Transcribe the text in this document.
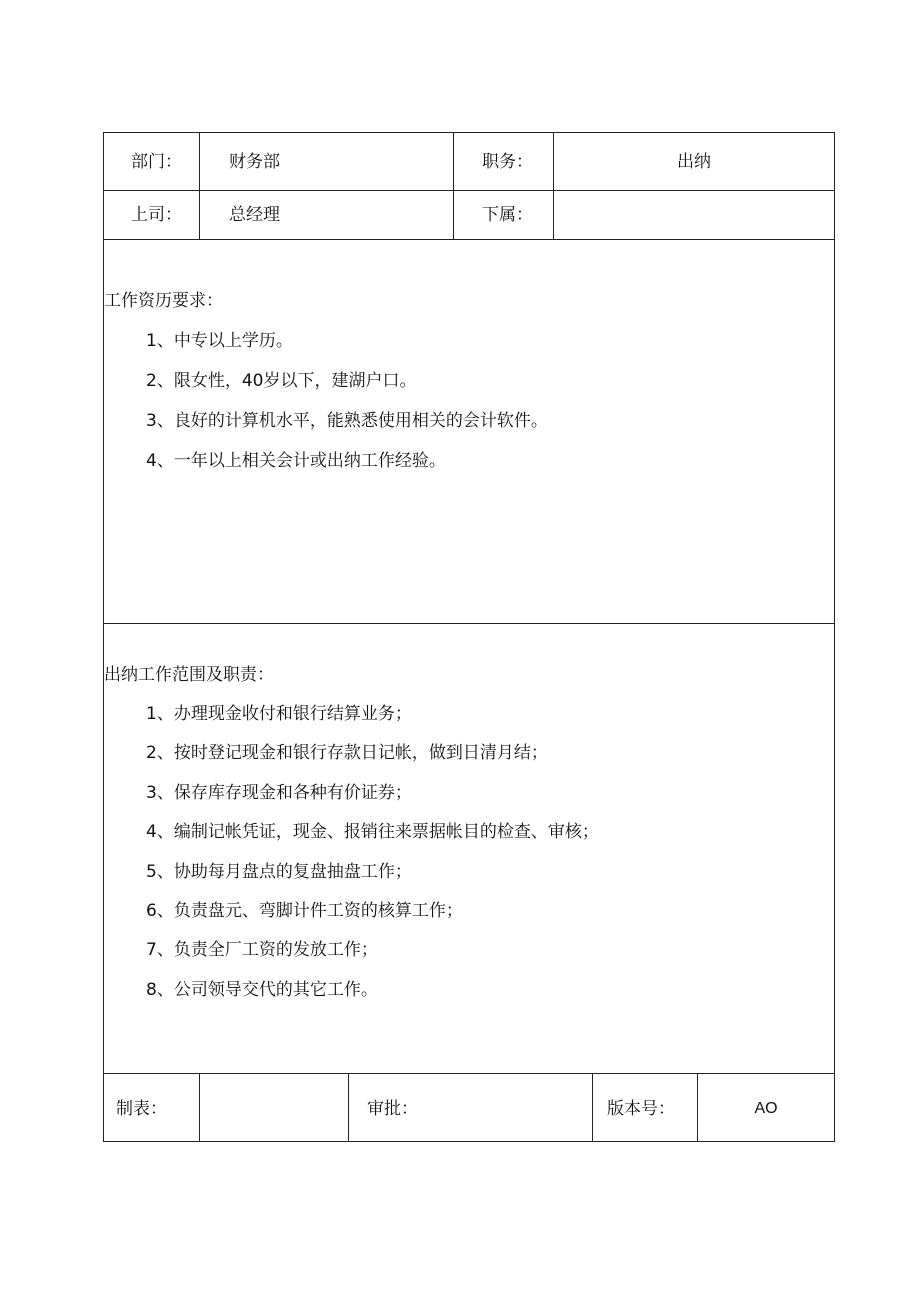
部门：	财务部	职务：	出纳
上司：	总经理	下属：
工作资历要求：
1、中专以上学历。
2、限女性，40岁以下，建湖户口。
3、良好的计算机水平，能熟悉使用相关的会计软件。
4、一年以上相关会计或出纳工作经验。
出纳工作范围及职责：
1、办理现金收付和银行结算业务；
2、按时登记现金和银行存款日记帐，做到日清月结；
3、保存库存现金和各种有价证券；
4、编制记帐凭证，现金、报销往来票据帐目的检查、审核；
5、协助每月盘点的复盘抽盘工作；
6、负责盘元、弯脚计件工资的核算工作；
7、负责全厂工资的发放工作；
8、公司领导交代的其它工作。
制表：	审批：	版本号：	AO
